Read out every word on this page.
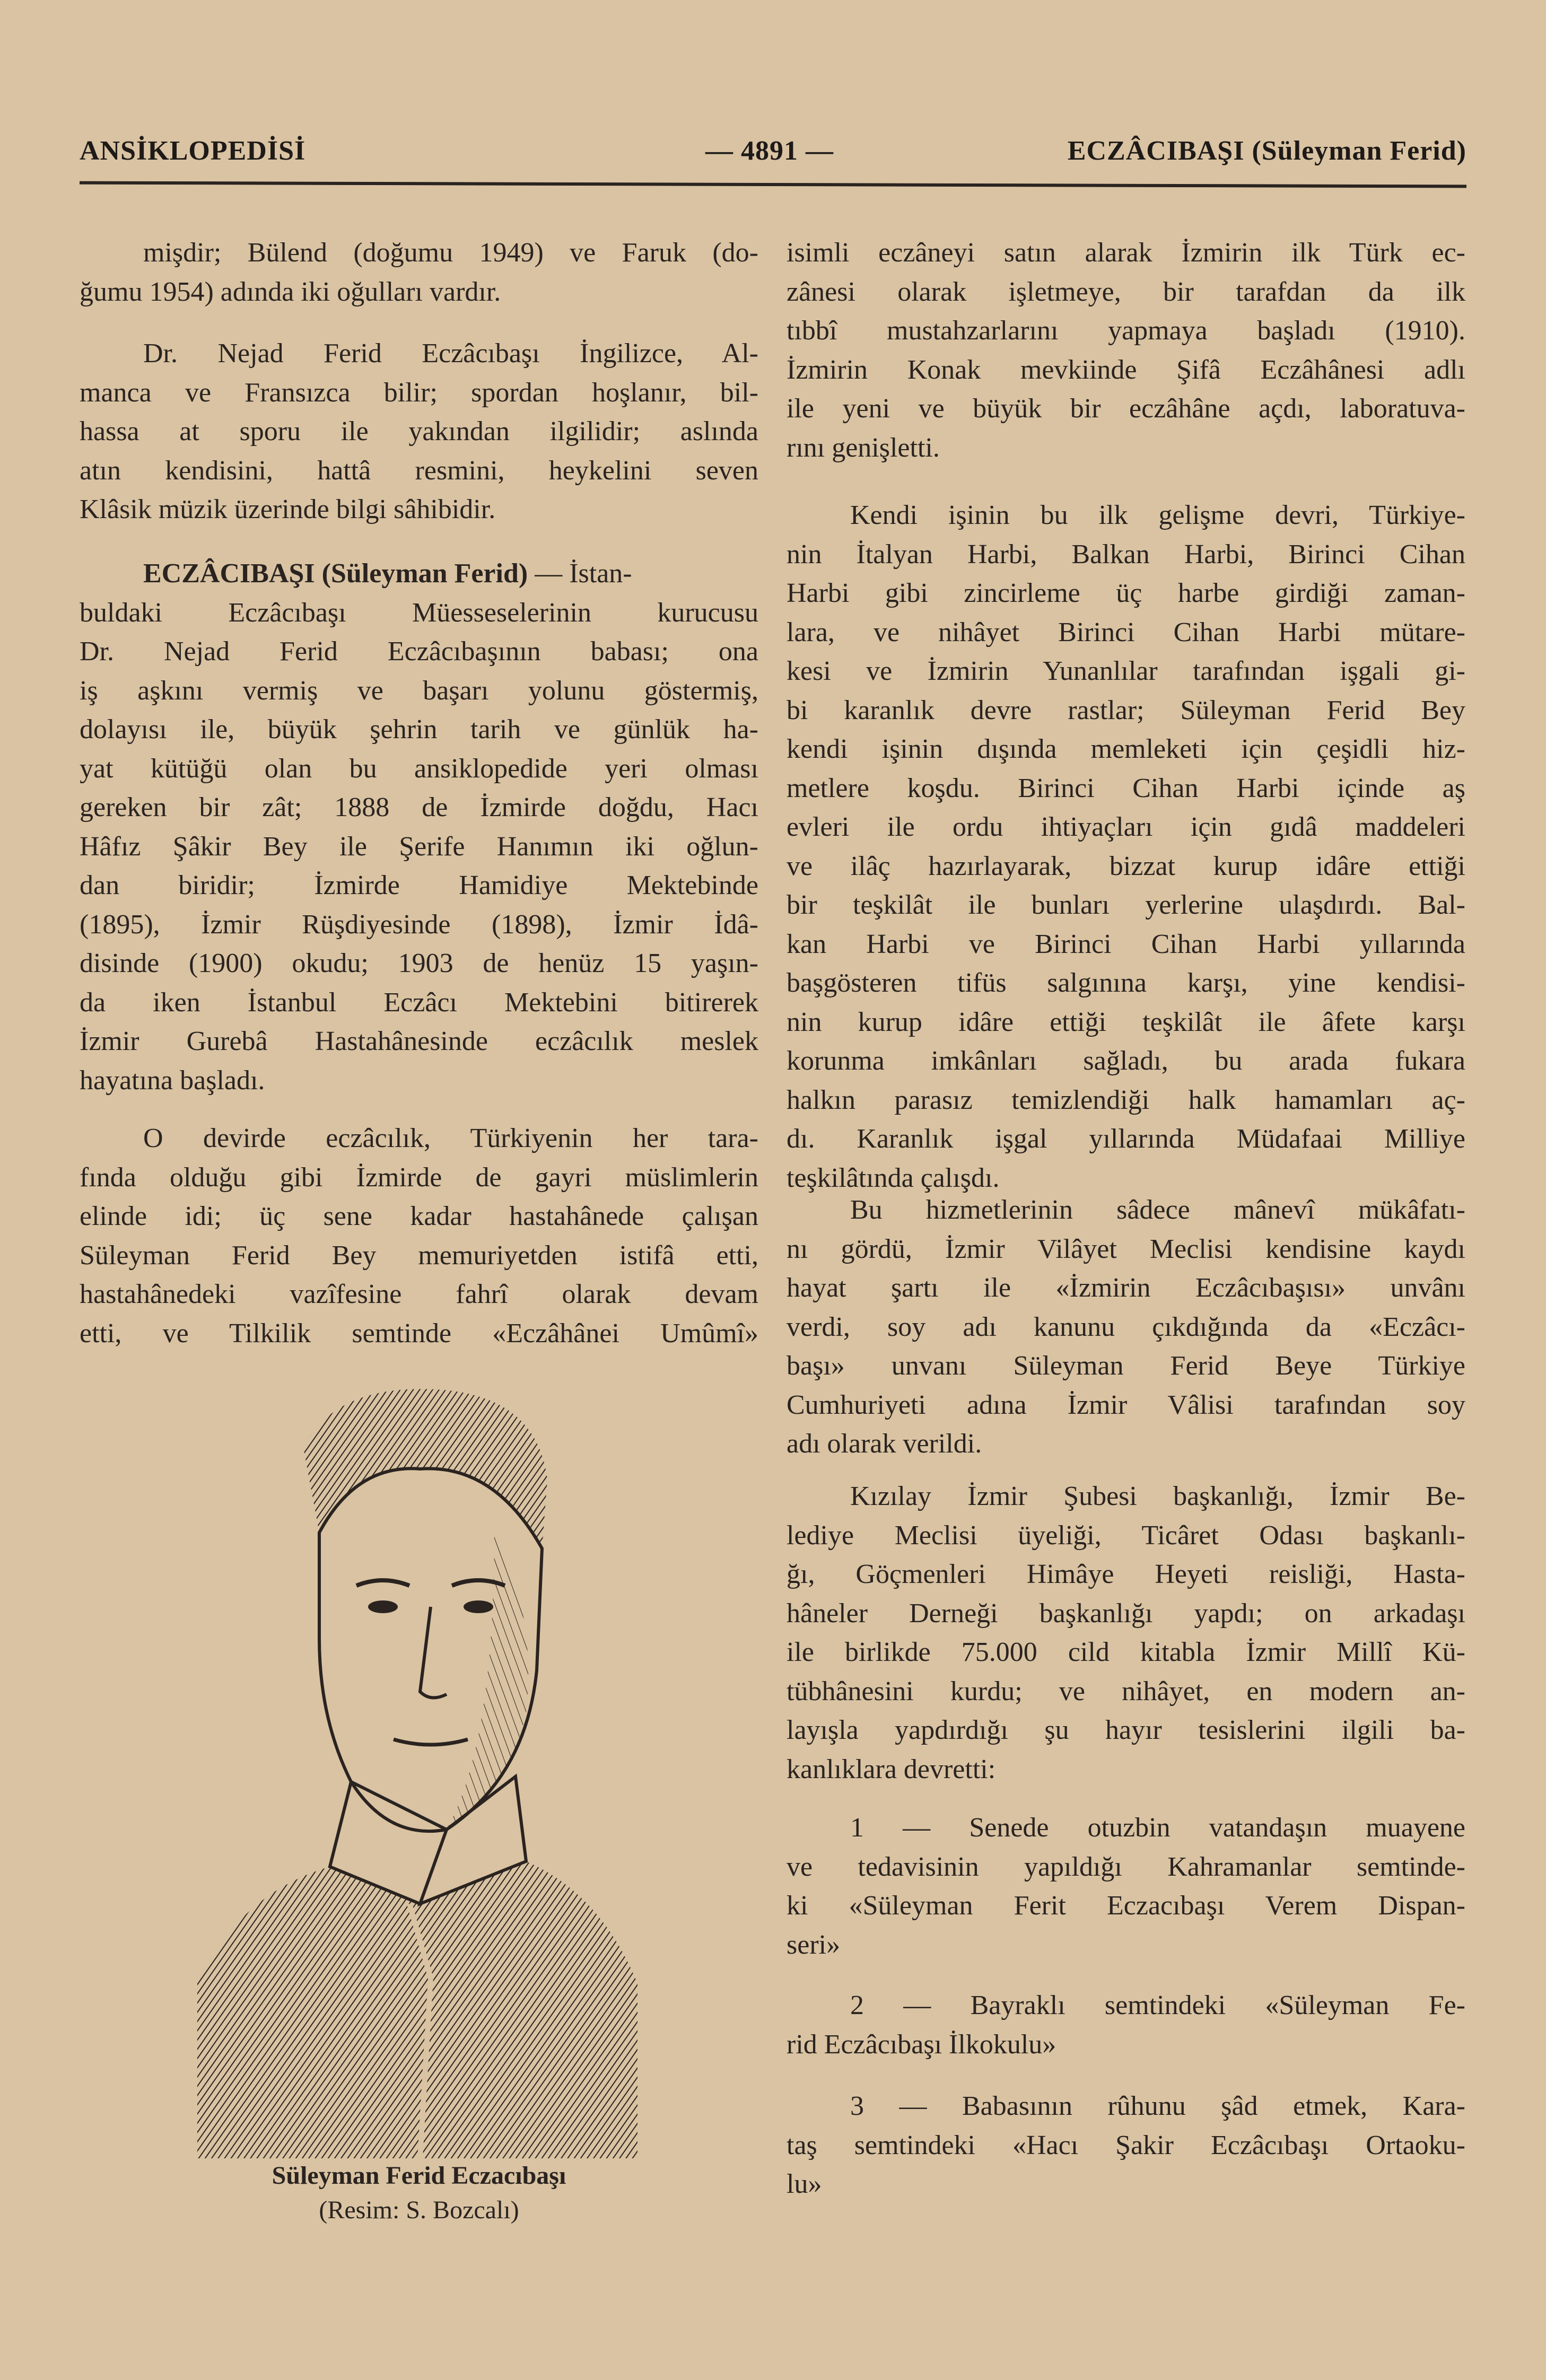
ANSİKLOPEDİSİ	— 4891 —	ECZÂCIBAŞI (Süleyman Ferid)
mişdir; Bülend (doğumu 1949) ve Faruk (do-
ğumu 1954) adında iki oğulları vardır.
Dr. Nejad Ferid Eczâcıbaşı İngilizce, Al-
manca ve Fransızca bilir; spordan hoşlanır, bil-
hassa at sporu ile yakından ilgilidir; aslında
atın kendisini, hattâ resmini, heykelini seven
Klâsik müzik üzerinde bilgi sâhibidir.
ECZÂCIBAŞI (Süleyman Ferid) — İstan-
buldaki Eczâcıbaşı Müesseselerinin kurucusu
Dr. Nejad Ferid Eczâcıbaşının babası; ona
iş aşkını vermiş ve başarı yolunu göstermiş,
dolayısı ile, büyük şehrin tarih ve günlük ha-
yat kütüğü olan bu ansiklopedide yeri olması
gereken bir zât; 1888 de İzmirde doğdu, Hacı
Hâfız Şâkir Bey ile Şerife Hanımın iki oğlun-
dan biridir; İzmirde Hamidiye Mektebinde
(1895), İzmir Rüşdiyesinde (1898), İzmir İdâ-
disinde (1900) okudu; 1903 de henüz 15 yaşın-
da iken İstanbul Eczâcı Mektebini bitirerek
İzmir Gurebâ Hastahânesinde eczâcılık meslek
hayatına başladı.
O devirde eczâcılık, Türkiyenin her tara-
fında olduğu gibi İzmirde de gayri müslimlerin
elinde idi; üç sene kadar hastahânede çalışan
Süleyman Ferid Bey memuriyetden istifâ etti,
hastahânedeki vazîfesine fahrî olarak devam
etti, ve Tilkilik semtinde «Eczâhânei Umûmî»
isimli eczâneyi satın alarak İzmirin ilk Türk ec-
zânesi olarak işletmeye, bir tarafdan da ilk
tıbbî mustahzarlarını yapmaya başladı (1910).
İzmirin Konak mevkiinde Şifâ Eczâhânesi adlı
ile yeni ve büyük bir eczâhâne açdı, laboratuva-
rını genişletti.
Kendi işinin bu ilk gelişme devri, Türkiye-
nin İtalyan Harbi, Balkan Harbi, Birinci Cihan
Harbi gibi zincirleme üç harbe girdiği zaman-
lara, ve nihâyet Birinci Cihan Harbi mütare-
kesi ve İzmirin Yunanlılar tarafından işgali gi-
bi karanlık devre rastlar; Süleyman Ferid Bey
kendi işinin dışında memleketi için çeşidli hiz-
metlere koşdu. Birinci Cihan Harbi içinde aş
evleri ile ordu ihtiyaçları için gıdâ maddeleri
ve ilâç hazırlayarak, bizzat kurup idâre ettiği
bir teşkilât ile bunları yerlerine ulaşdırdı. Bal-
kan Harbi ve Birinci Cihan Harbi yıllarında
başgösteren tifüs salgınına karşı, yine kendisi-
nin kurup idâre ettiği teşkilât ile âfete karşı
korunma imkânları sağladı, bu arada fukara
halkın parasız temizlendiği halk hamamları aç-
dı. Karanlık işgal yıllarında Müdafaai Milliye
teşkilâtında çalışdı.
Bu hizmetlerinin sâdece mânevî mükâfatı-
nı gördü, İzmir Vilâyet Meclisi kendisine kaydı
hayat şartı ile «İzmirin Eczâcıbaşısı» unvânı
verdi, soy adı kanunu çıkdığında da «Eczâcı-
başı» unvanı Süleyman Ferid Beye Türkiye
Cumhuriyeti adına İzmir Vâlisi tarafından soy
adı olarak verildi.
Kızılay İzmir Şubesi başkanlığı, İzmir Be-
lediye Meclisi üyeliği, Ticâret Odası başkanlı-
ğı, Göçmenleri Himâye Heyeti reisliği, Hasta-
hâneler Derneği başkanlığı yapdı; on arkadaşı
ile birlikde 75.000 cild kitabla İzmir Millî Kü-
tübhânesini kurdu; ve nihâyet, en modern an-
layışla yapdırdığı şu hayır tesislerini ilgili ba-
kanlıklara devretti:
1 — Senede otuzbin vatandaşın muayene
ve tedavisinin yapıldığı Kahramanlar semtinde-
ki «Süleyman Ferit Eczacıbaşı Verem Dispan-
seri»
2 — Bayraklı semtindeki «Süleyman Fe-
rid Eczâcıbaşı İlkokulu»
3 — Babasının rûhunu şâd etmek, Kara-
taş semtindeki «Hacı Şakir Eczâcıbaşı Ortaoku-
lu»
Süleyman Ferid Eczacıbaşı
(Resim: S. Bozcalı)
